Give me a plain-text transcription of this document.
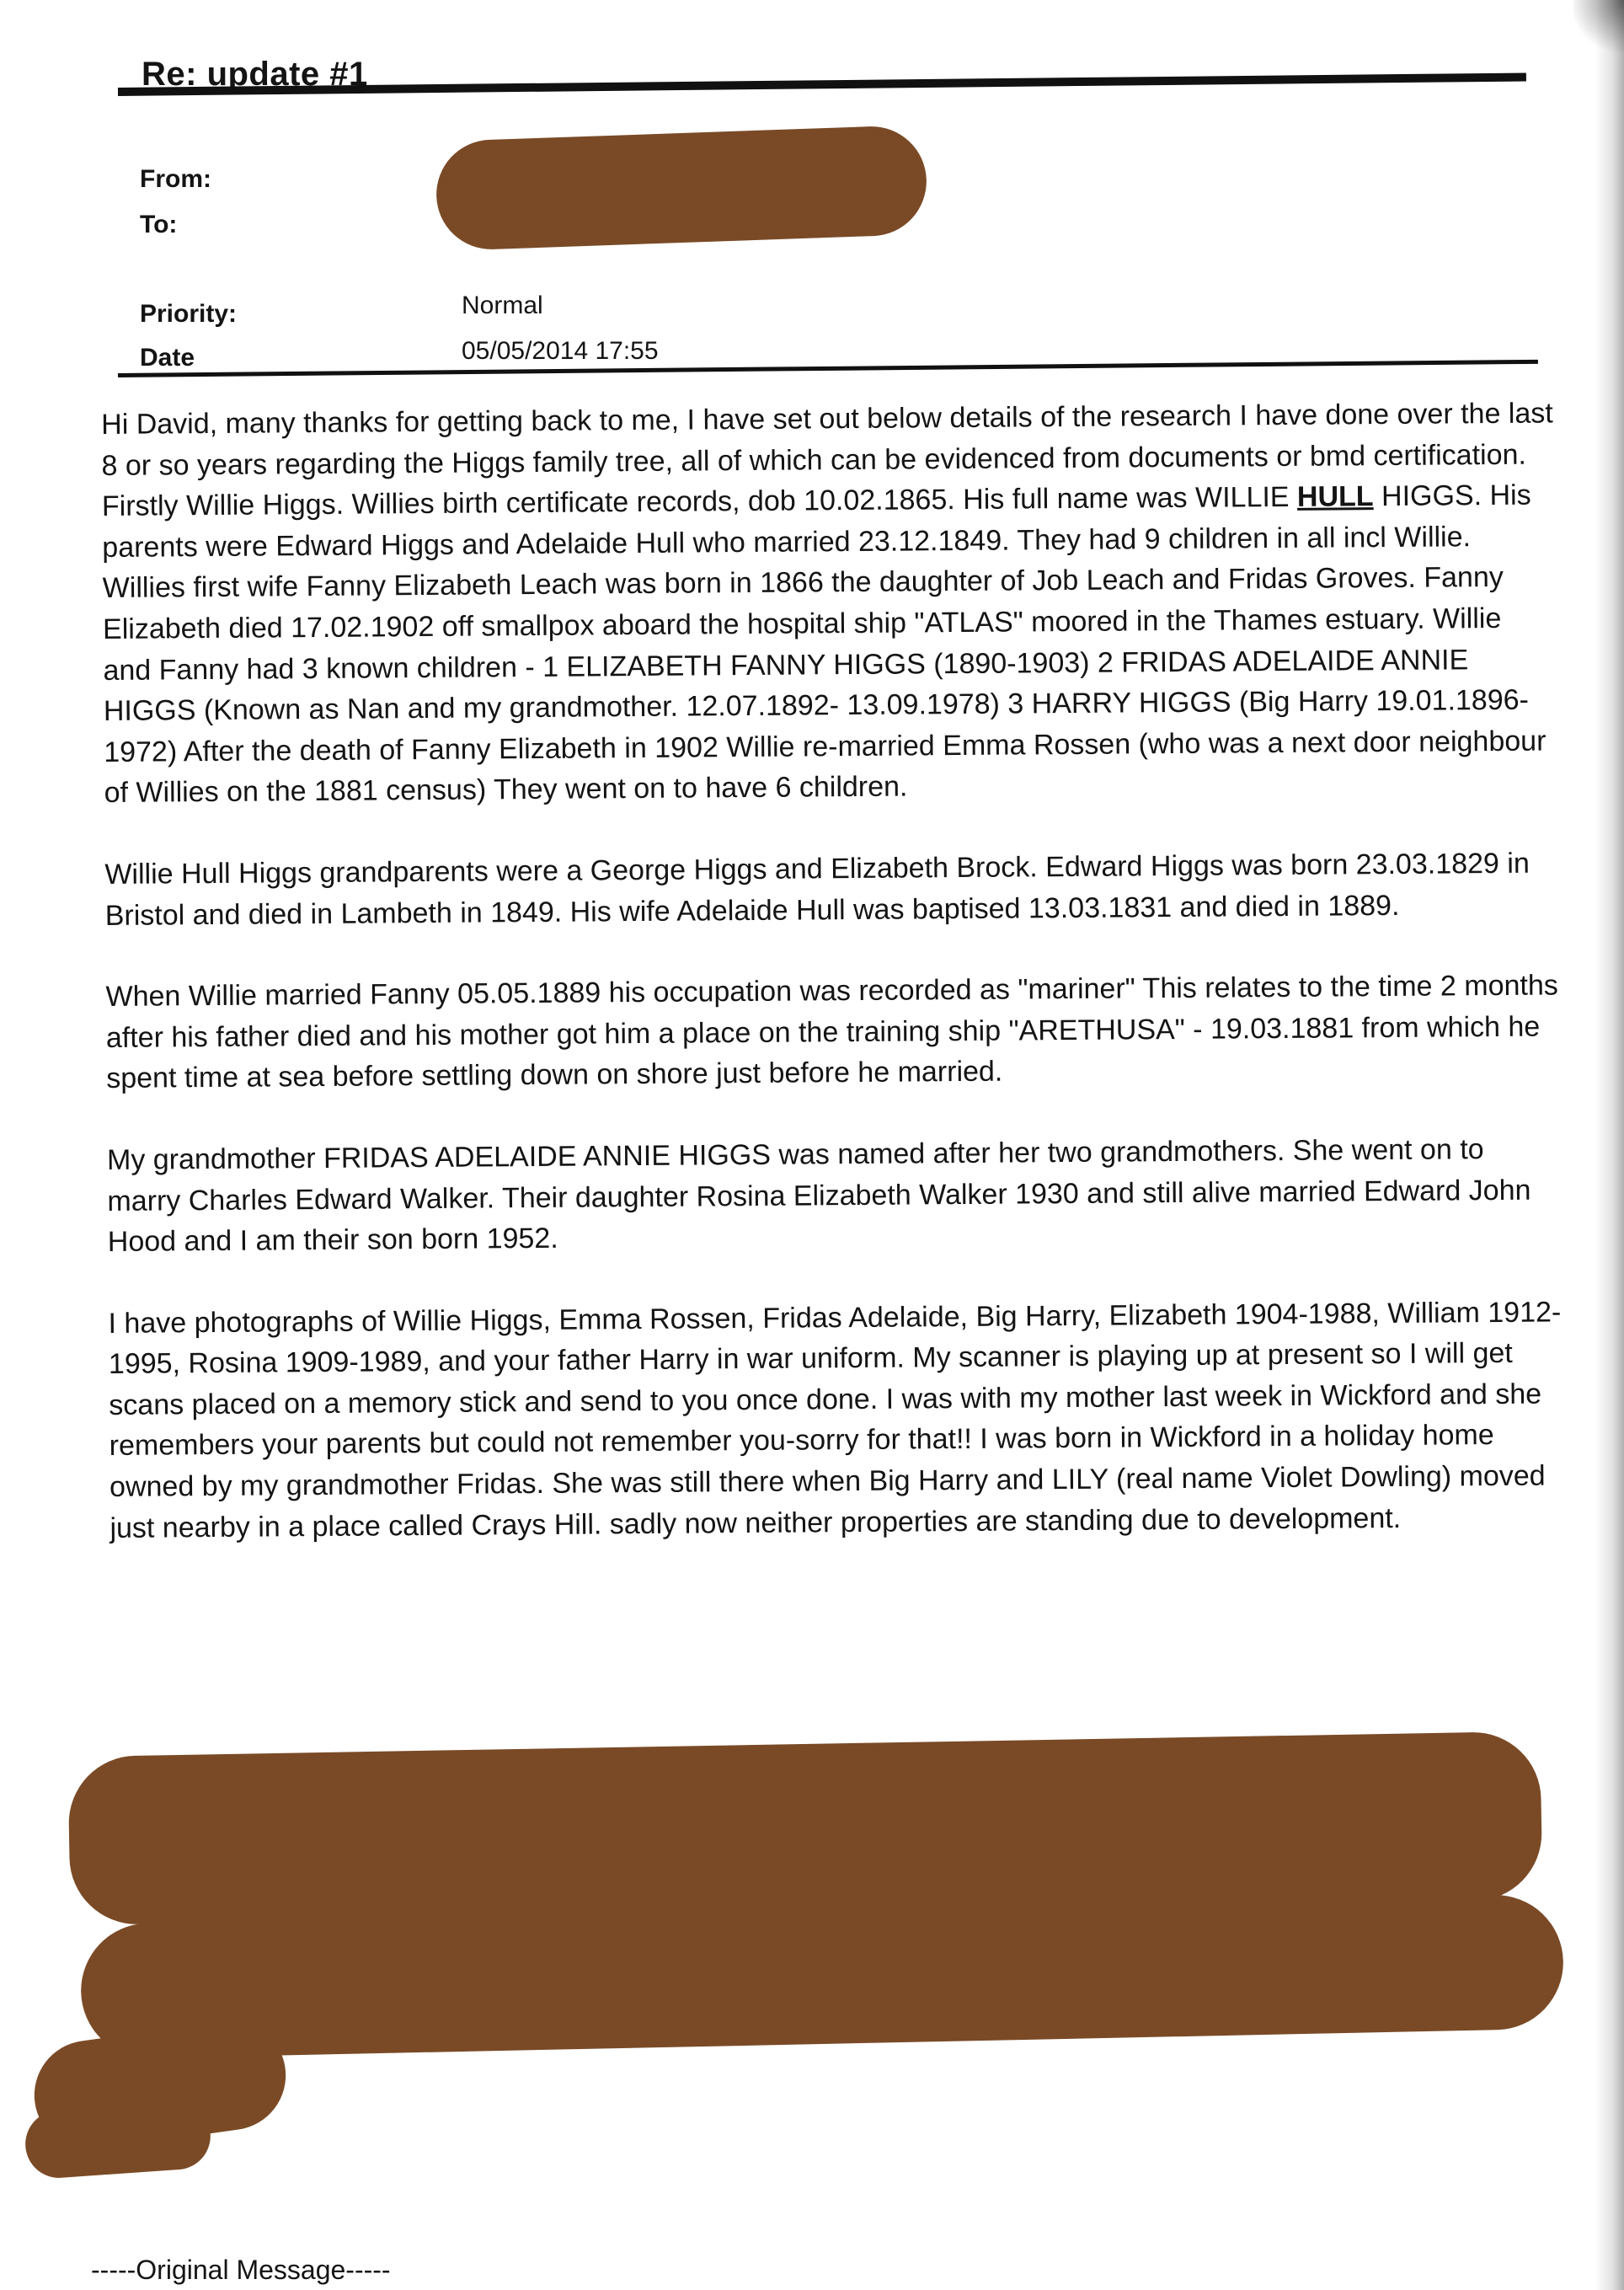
Re: update #1
From:
To:
Priority:
Date
Normal
05/05/2014 17:55

Hi David, many thanks for getting back to me, I have set out below details of the research I have done over the last 8 or so years regarding the Higgs family tree, all of which can be evidenced from documents or bmd certification. Firstly Willie Higgs. Willies birth certificate records, dob 10.02.1865. His full name was WILLIE HULL HIGGS. His parents were Edward Higgs and Adelaide Hull who married 23.12.1849. They had 9 children in all incl Willie. Willies first wife Fanny Elizabeth Leach was born in 1866 the daughter of Job Leach and Fridas Groves. Fanny Elizabeth died 17.02.1902 off smallpox aboard the hospital ship "ATLAS" moored in the Thames estuary. Willie and Fanny had 3 known children - 1 ELIZABETH FANNY HIGGS (1890-1903) 2 FRIDAS ADELAIDE ANNIE HIGGS (Known as Nan and my grandmother. 12.07.1892- 13.09.1978) 3 HARRY HIGGS (Big Harry 19.01.1896-1972) After the death of Fanny Elizabeth in 1902 Willie re-married Emma Rossen (who was a next door neighbour of Willies on the 1881 census) They went on to have 6 children.

Willie Hull Higgs grandparents were a George Higgs and Elizabeth Brock. Edward Higgs was born 23.03.1829 in Bristol and died in Lambeth in 1849. His wife Adelaide Hull was baptised 13.03.1831 and died in 1889.

When Willie married Fanny 05.05.1889 his occupation was recorded as "mariner" This relates to the time 2 months after his father died and his mother got him a place on the training ship "ARETHUSA" - 19.03.1881 from which he spent time at sea before settling down on shore just before he married.

My grandmother FRIDAS ADELAIDE ANNIE HIGGS was named after her two grandmothers. She went on to marry Charles Edward Walker. Their daughter Rosina Elizabeth Walker 1930 and still alive married Edward John Hood and I am their son born 1952.

I have photographs of Willie Higgs, Emma Rossen, Fridas Adelaide, Big Harry, Elizabeth 1904-1988, William 1912-1995, Rosina 1909-1989, and your father Harry in war uniform. My scanner is playing up at present so I will get scans placed on a memory stick and send to you once done. I was with my mother last week in Wickford and she remembers your parents but could not remember you-sorry for that!! I was born in Wickford in a holiday home owned by my grandmother Fridas. She was still there when Big Harry and LILY (real name Violet Dowling) moved just nearby in a place called Crays Hill. sadly now neither properties are standing due to development.

-----Original Message-----
